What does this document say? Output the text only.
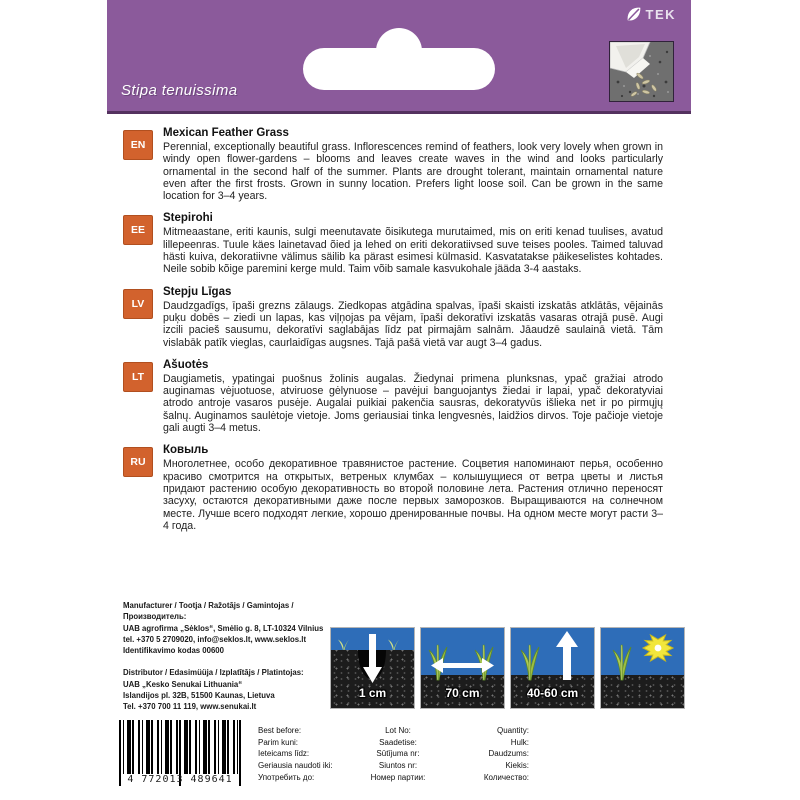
TEK
Stipa tenuissima
EN
Mexican Feather Grass

Perennial, exceptionally beautiful grass. Inflorescences remind of feathers, look very lovely when grown in windy open flower-gardens – blooms and leaves create waves in the wind and looks particularly ornamental in the second half of the summer. Plants are drought tolerant, maintain ornamental nature even after the first frosts. Grown in sunny location. Prefers light loose soil. Can be grown in the same location for 3–4 years.

EE
Stepirohi

Mitmeaastane, eriti kaunis, sulgi meenutavate õisikutega murutaimed, mis on eriti kenad tuulises, avatud lillepeenras. Tuule käes lainetavad õied ja lehed on eriti dekoratiivsed suve teises pooles. Taimed taluvad hästi kuiva, dekoratiivne välimus säilib ka pärast esimesi külmasid. Kasvatatakse päikeselistes kohtades. Neile sobib kõige paremini kerge muld. Taim võib samale kasvukohale jääda 3-4 aastaks.

LV
Stepju Līgas

Daudzgadīgs, īpaši grezns zālaugs. Ziedkopas atgādina spalvas, īpaši skaisti izskatās atklātās, vējainās puķu dobēs – ziedi un lapas, kas viļņojas pa vējam, īpaši dekoratīvi izskatās vasaras otrajā pusē. Augi izcili pacieš sausumu, dekoratīvi saglabājas līdz pat pirmajām salnām. Jāaudzē saulainā vietā. Tām vislabāk patīk vieglas, caurlaidīgas augsnes. Tajā pašā vietā var augt 3–4 gadus.

LT
Ašuotės

Daugiametis, ypatingai puošnus žolinis augalas. Žiedynai primena plunksnas, ypač gražiai atrodo auginamas vėjuotuose, atviruose gėlynuose – pavėjui banguojantys žiedai ir lapai, ypač dekoratyviai atrodo antroje vasaros pusėje. Augalai puikiai pakenčia sausras, dekoratyvūs išlieka net ir po pirmųjų šalnų. Auginamos saulėtoje vietoje. Joms geriausiai tinka lengvesnės, laidžios dirvos. Toje pačioje vietoje gali augti 3–4 metus.

RU
Ковыль

Многолетнее, особо декоративное травянистое растение. Соцветия напоминают перья, особенно красиво смотрится на открытых, ветреных клумбах – колышущиеся от ветра цветы и листья придают растению особую декоративность во второй половине лета. Растения отлично переносят засуху, остаются декоративными даже после первых заморозков. Выращиваются на солнечном месте. Лучше всего подходят легкие, хорошо дренированные почвы. На одном месте могут расти 3–4 года.

Manufacturer / Tootja / Ražotājs / Gamintojas / Производитель:
UAB agrofirma „Sėklos“, Smėlio g. 8, LT-10324 Vilnius
tel. +370 5 2709020, info@seklos.lt, www.seklos.lt
Identifikavimo kodas 00600

Distributor / Edasimüüja / Izplatītājs / Platintojas:
UAB „Kesko Senukai Lithuania“
Islandijos pl. 32B, 51500 Kaunas, Lietuva
Tel. +370 700 11 119, www.senukai.lt

1 cm	70 cm	40-60 cm
4 772013 489641
Best before:
Parim kuni:
Ieteicams līdz:
Geriausia naudoti iki:
Употребить до:
Lot No:
Saadetise:
Sūtījuma nr:
Siuntos nr:
Номер партии:
Quantity:
Hulk:
Daudzums:
Kiekis:
Количество:
